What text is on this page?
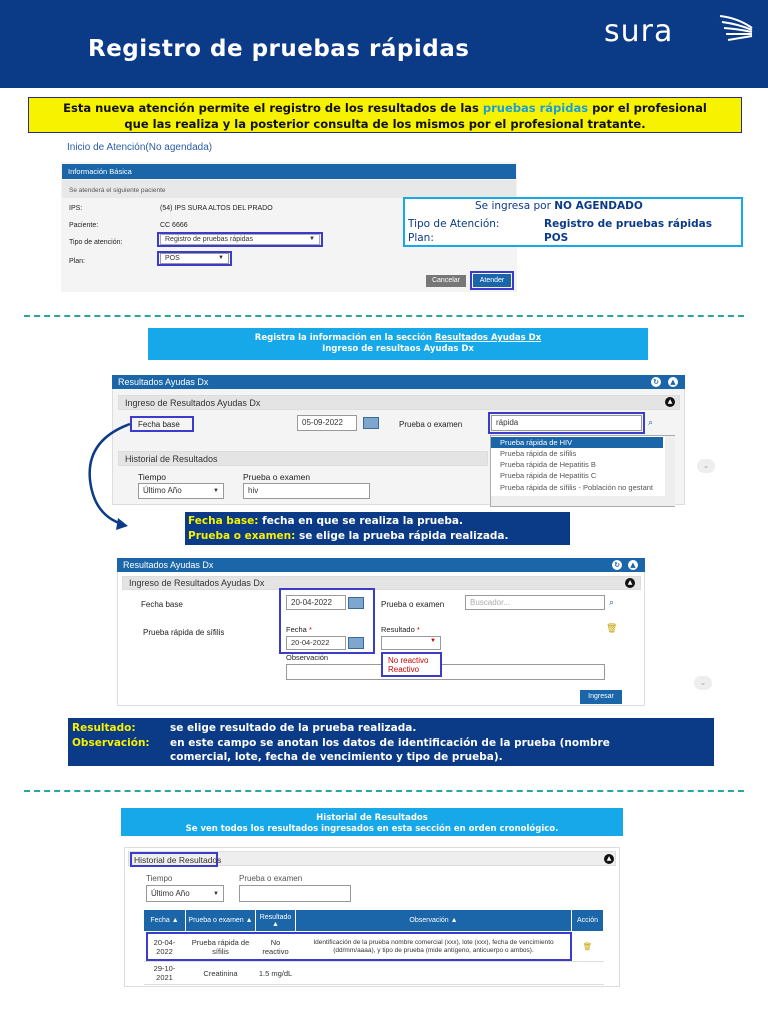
Registro de pruebas rápidas	sura
Esta nueva atención permite el registro de los resultados de las pruebas rápidas por el profesional
que las realiza y la posterior consulta de los mismos por el profesional tratante.
Inicio de Atención(No agendada)
Información Básica
Se atenderá el siguiente paciente
IPS:	(54) IPS SURA ALTOS DEL PRADO
Paciente:	CC 6666
Tipo de atención:	Registro de pruebas rápidas	▼
Plan:	POS	▼
Cancelar	Atender
Se ingresa por NO AGENDADO
Tipo de Atención:	Registro de pruebas rápidas
Plan:	POS
Registra la información en la sección Resultados Ayudas Dx
Ingreso de resultaos Ayudas Dx
Resultados Ayudas Dx	↻	▲
Ingreso de Resultados Ayudas Dx	▲
Fecha base	05-09-2022	Prueba o examen	rápida	⌕
Historial de Resultados
Tiempo
Último Año	▼
Prueba o examen
hiv
Prueba rápida de HIV
Prueba rápida de sífilis
Prueba rápida de Hepatitis B
Prueba rápida de Hepatitis C
Prueba rápida de sífilis - Población no gestant
⌄
Fecha base: fecha en que se realiza la prueba.
Prueba o examen: se elige la prueba rápida realizada.
Resultados Ayudas Dx	↻	▲
Ingreso de Resultados Ayudas Dx	▲
Fecha base	20-04-2022	Prueba o examen	Buscador...	⌕
Prueba rápida de sífilis	Fecha *
20-04-2022
Resultado *
▼
🗑
Observación	No reactivo
Reactivo
Ingresar
⌄
Resultado:	se elige resultado de la prueba realizada.
Observación: en este campo se anotan los datos de identificación de la prueba (nombre
comercial, lote, fecha de vencimiento y tipo de prueba).
Historial de Resultados
Se ven todos los resultados ingresados en esta sección en orden cronológico.
Historial de Resultados	▲
Tiempo
Último Año	▼
Prueba o examen
Fecha ▲	Prueba o examen ▲	Resultado
▲	Observación ▲	Acción
20-04-2022	Prueba rápida de sífilis	No reactivo	Identificación de la prueba nombre comercial (xxx), lote (xxx), fecha de vencimiento (dd/mm/aaaa), y tipo de prueba (mide antígeno, anticuerpo o ambos).	🗑
29-10-2021	Creatinina	1.5 mg/dL		
